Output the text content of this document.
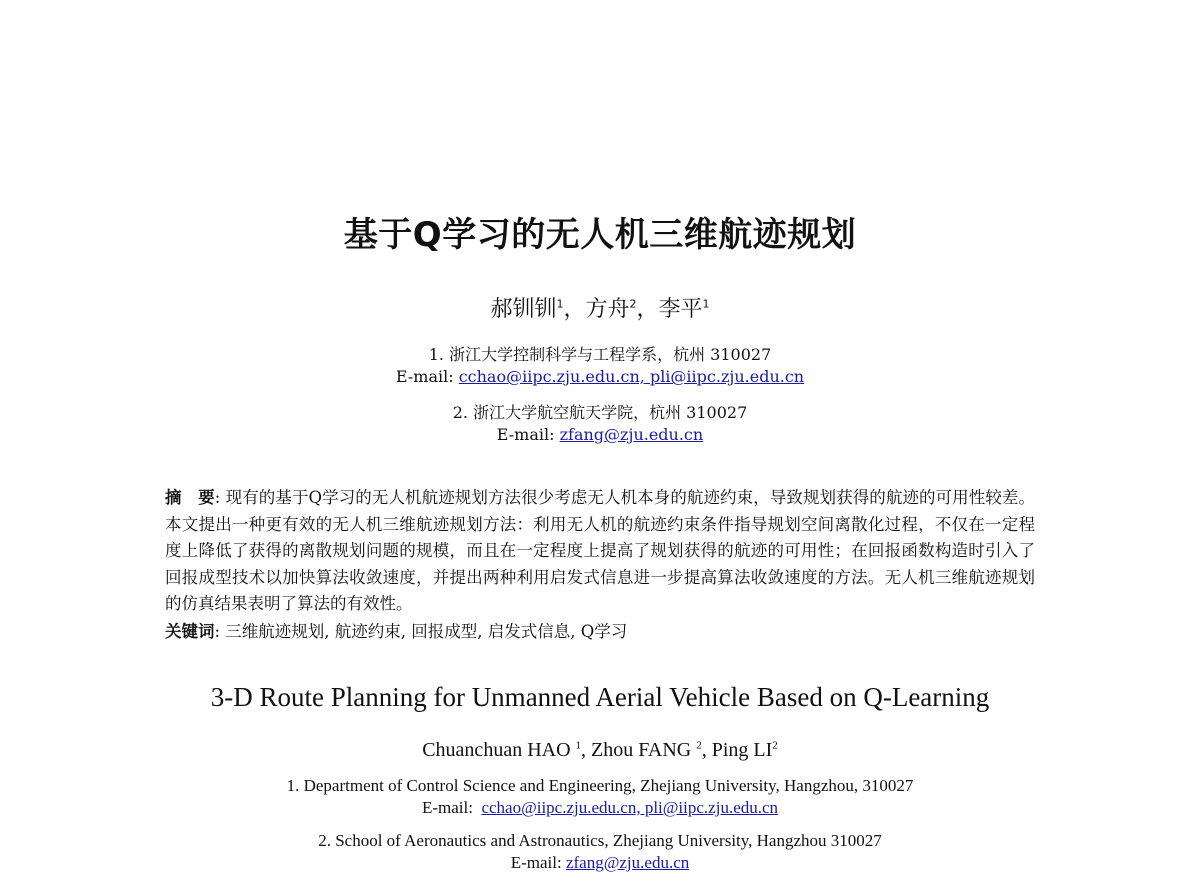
基于Q学习的无人机三维航迹规划
郝钏钏$^1$，方舟$^2$，李平$^1$
1. 浙江大学控制科学与工程学系，杭州 310027
E-mail: cchao@iipc.zju.edu.cn, pli@iipc.zju.edu.cn
2. 浙江大学航空航天学院，杭州 310027
E-mail: zfang@zju.edu.cn
摘　要: 现有的基于Q学习的无人机航迹规划方法很少考虑无人机本身的航迹约束，导致规划获得的航迹的可用性较差。本文提出一种更有效的无人机三维航迹规划方法：利用无人机的航迹约束条件指导规划空间离散化过程，不仅在一定程度上降低了获得的离散规划问题的规模，而且在一定程度上提高了规划获得的航迹的可用性；在回报函数构造时引入了回报成型技术以加快算法收敛速度，并提出两种利用启发式信息进一步提高算法收敛速度的方法。无人机三维航迹规划的仿真结果表明了算法的有效性。
关键词: 三维航迹规划, 航迹约束, 回报成型, 启发式信息, Q学习
3-D Route Planning for Unmanned Aerial Vehicle Based on Q-Learning
Chuanchuan HAO $^1$, Zhou FANG $^2$, Ping $LI^2$
1. Department of Control Science and Engineering, Zhejiang University, Hangzhou, 310027
E-mail:  cchao@iipc.zju.edu.cn, pli@iipc.zju.edu.cn
2. School of Aeronautics and Astronautics, Zhejiang University, Hangzhou 310027
E-mail: zfang@zju.edu.cn
